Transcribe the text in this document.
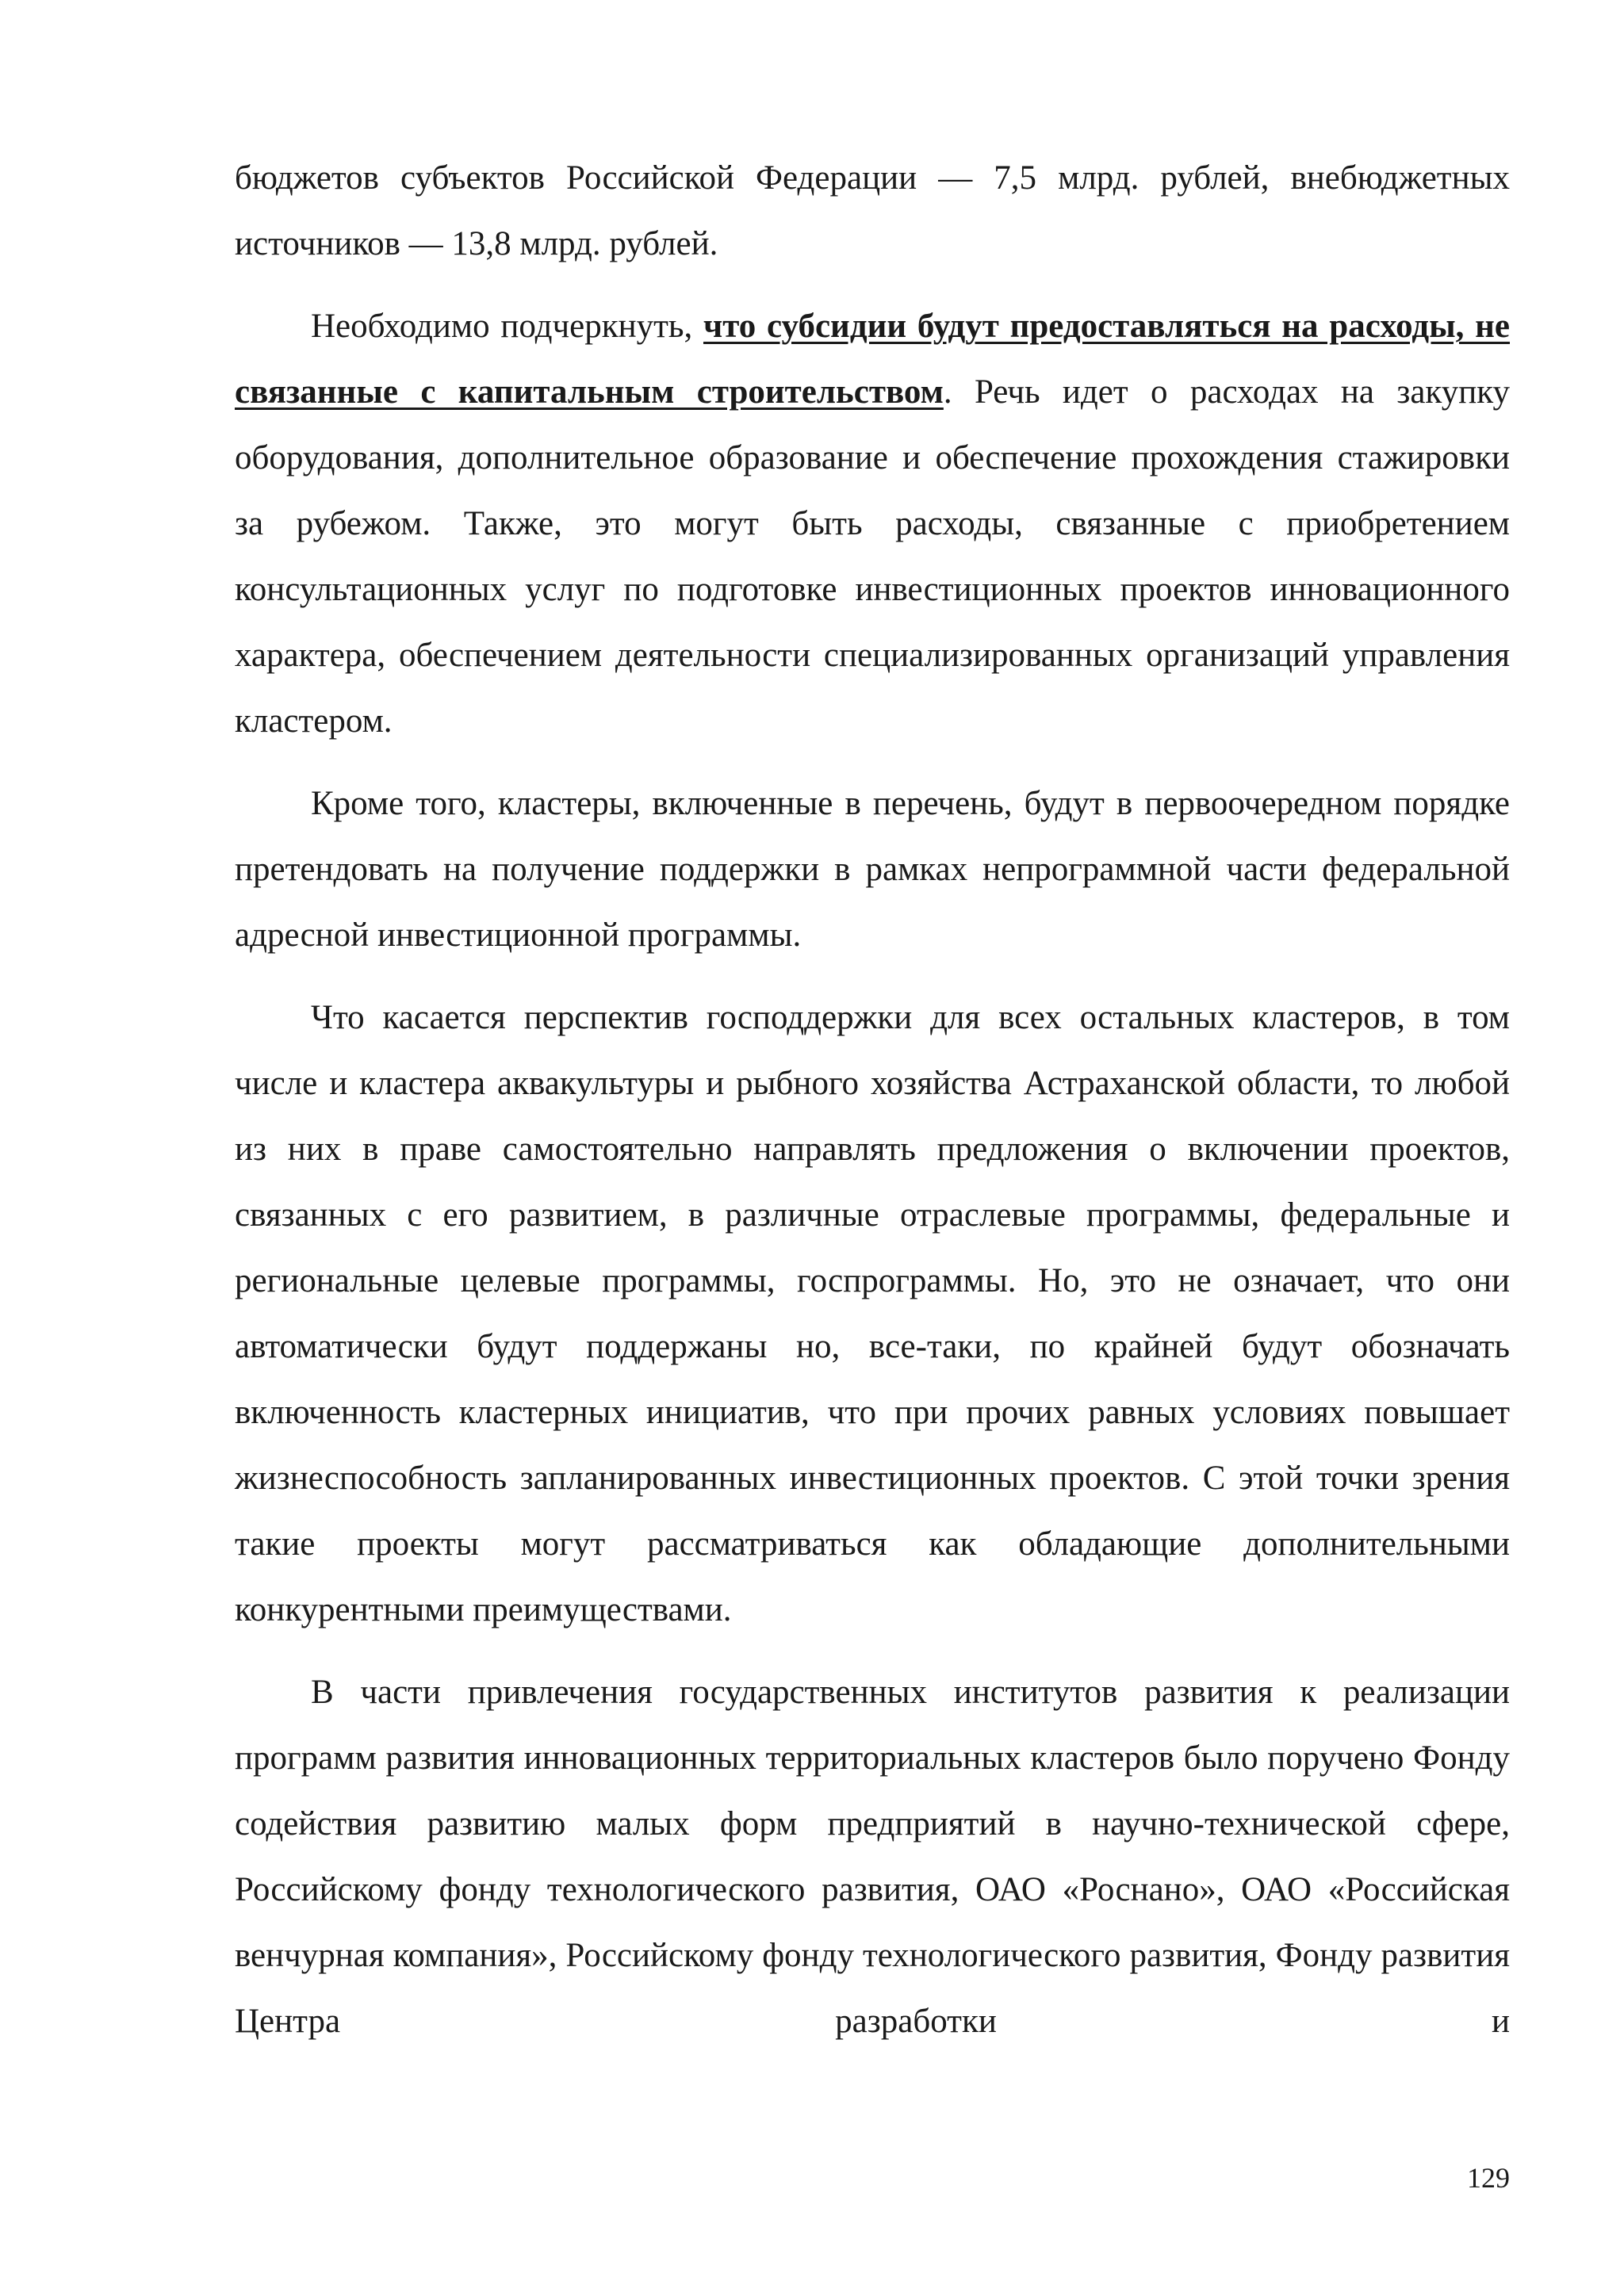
бюджетов субъектов Российской Федерации — 7,5 млрд. рублей, внебюджетных источников — 13,8 млрд. рублей.

Необходимо подчеркнуть, что субсидии будут предоставляться на расходы, не связанные с капитальным строительством. Речь идет о расходах на закупку оборудования, дополнительное образование и обеспечение прохождения стажировки за рубежом. Также, это могут быть расходы, связанные с приобретением консультационных услуг по подготовке инвестиционных проектов инновационного характера, обеспечением деятельности специализированных организаций управления кластером.

Кроме того, кластеры, включенные в перечень, будут в первоочередном порядке претендовать на получение поддержки в рамках непрограммной части федеральной адресной инвестиционной программы.

Что касается перспектив господдержки для всех остальных кластеров, в том числе и кластера аквакультуры и рыбного хозяйства Астраханской области, то любой из них в праве самостоятельно направлять предложения о включении проектов, связанных с его развитием, в различные отраслевые программы, федеральные и региональные целевые программы, госпрограммы. Но, это не означает, что они автоматически будут поддержаны но, все-таки, по крайней будут обозначать включенность кластерных инициатив, что при прочих равных условиях повышает жизнеспособность запланированных инвестиционных проектов. С этой точки зрения такие проекты могут рассматриваться как обладающие дополнительными конкурентными преимуществами.

В части привлечения государственных институтов развития к реализации программ развития инновационных территориальных кластеров было поручено Фонду содействия развитию малых форм предприятий в научно-технической сфере, Российскому фонду технологического развития, ОАО «Роснано», ОАО «Российская венчурная компания», Российскому фонду технологического развития, Фонду развития Центра разработки и

129
